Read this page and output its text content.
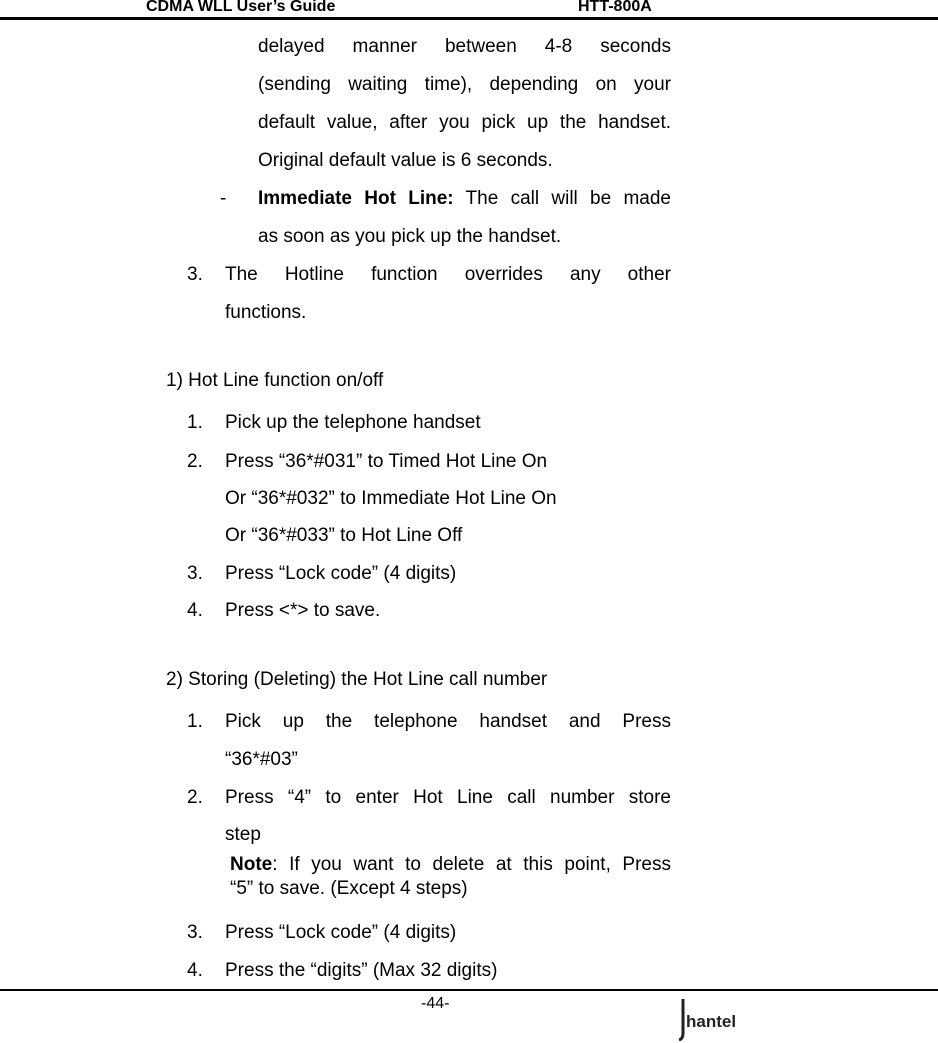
CDMA WLL User’s Guide	HTT-800A
delayed manner between 4-8 seconds
(sending waiting time), depending on your
default value, after you pick up the handset.
Original default value is 6 seconds.
- Immediate Hot Line: The call will be made
as soon as you pick up the handset.
3. The Hotline function overrides any other
functions.
1) Hot Line function on/off
1. Pick up the telephone handset
2. Press “36*#031” to Timed Hot Line On
Or “36*#032” to Immediate Hot Line On
Or “36*#033” to Hot Line Off
3. Press “Lock code” (4 digits)
4. Press <*> to save.
2) Storing (Deleting) the Hot Line call number
1. Pick up the telephone handset and Press
“36*#03”
2. Press “4” to enter Hot Line call number store
step
Note: If you want to delete at this point, Press
“5” to save. (Except 4 steps)
3. Press “Lock code” (4 digits)
4. Press the “digits” (Max 32 digits)
-44-
hantel
